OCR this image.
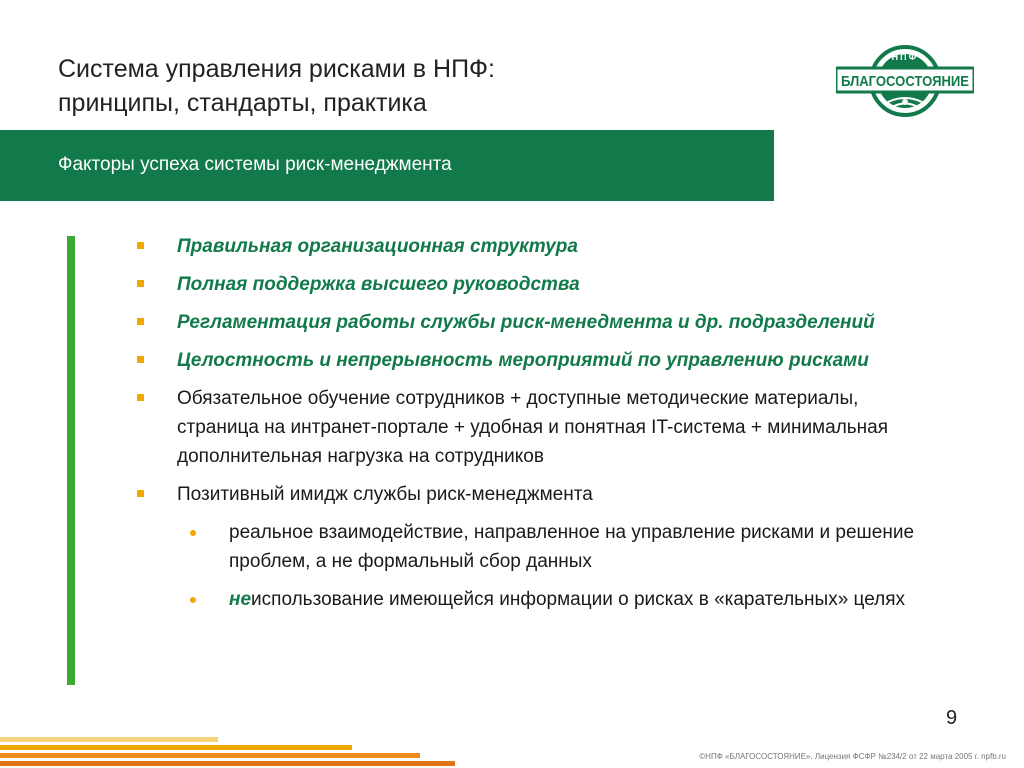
Система управления рисками в НПФ:
принципы, стандарты, практика
НПФ
БЛАГОСОСТОЯНИЕ
Факторы успеха системы риск-менеджмента
Правильная организационная структура
Полная поддержка высшего руководства
Регламентация работы службы риск-менедмента и др. подразделений
Целостность и непрерывность мероприятий по управлению рисками
Обязательное обучение сотрудников + доступные методические материалы, страница на интранет-портале + удобная и понятная IT-система + минимальная дополнительная нагрузка на сотрудников
Позитивный имидж службы риск-менеджмента
реальное взаимодействие, направленное на управление рисками и решение проблем, а не формальный сбор данных
неиспользование имеющейся информации о рисках в «карательных» целях
9
©НПФ «БЛАГОСОСТОЯНИЕ». Лицензия ФСФР №234/2 от 22 марта 2005 г. npfb.ru
